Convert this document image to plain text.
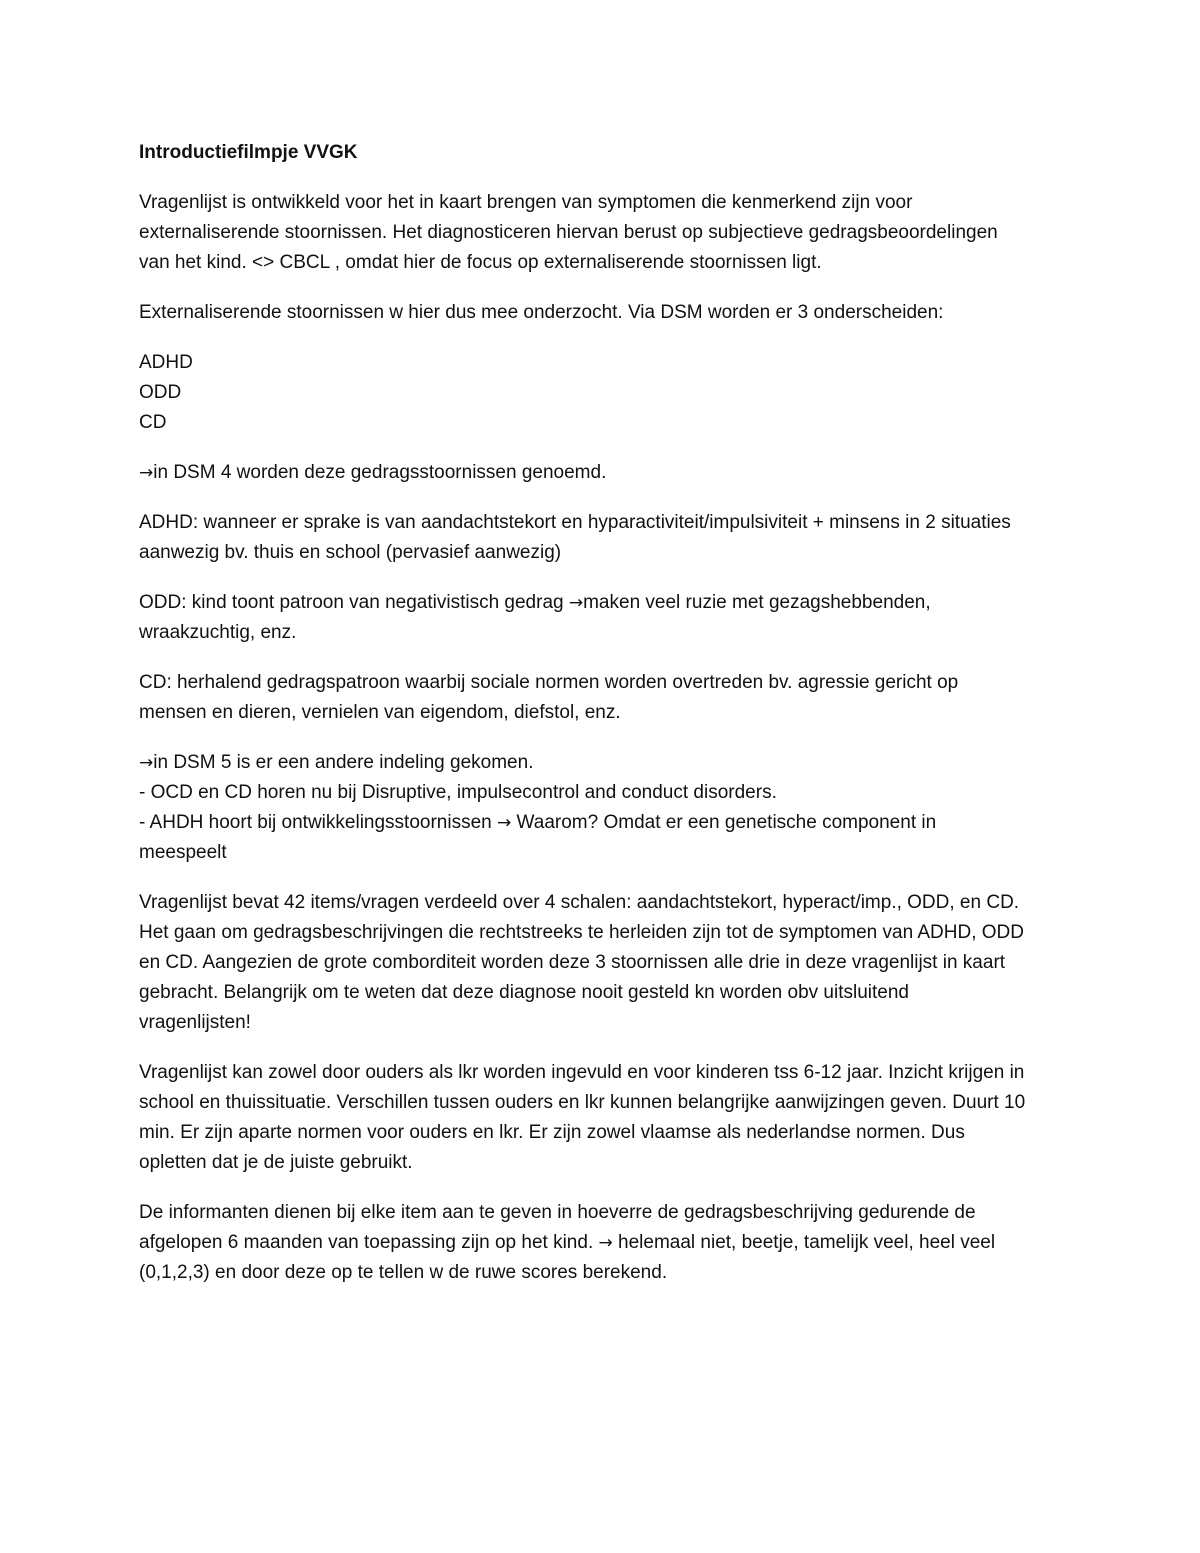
Introductiefilmpje VVGK
Vragenlijst is ontwikkeld voor het in kaart brengen van symptomen die kenmerkend zijn voor
externaliserende stoornissen. Het diagnosticeren hiervan berust op subjectieve gedragsbeoordelingen
van het kind. <> CBCL , omdat hier de focus op externaliserende stoornissen ligt.
Externaliserende stoornissen w hier dus mee onderzocht. Via DSM worden er 3 onderscheiden:
ADHD
ODD
CD
→in DSM 4 worden deze gedragsstoornissen genoemd.
ADHD: wanneer er sprake is van aandachtstekort en hyparactiviteit/impulsiviteit + minsens in 2 situaties
aanwezig bv. thuis en school (pervasief aanwezig)
ODD: kind toont patroon van negativistisch gedrag →maken veel ruzie met gezagshebbenden,
wraakzuchtig, enz.
CD: herhalend gedragspatroon waarbij sociale normen worden overtreden bv. agressie gericht op
mensen en dieren, vernielen van eigendom, diefstol, enz.
→in DSM 5 is er een andere indeling gekomen.
- OCD en CD horen nu bij Disruptive, impulsecontrol and conduct disorders.
- AHDH hoort bij ontwikkelingsstoornissen → Waarom? Omdat er een genetische component in
meespeelt
Vragenlijst bevat 42 items/vragen verdeeld over 4 schalen: aandachtstekort, hyperact/imp., ODD, en CD.
Het gaan om gedragsbeschrijvingen die rechtstreeks te herleiden zijn tot de symptomen van ADHD, ODD
en CD. Aangezien de grote comborditeit worden deze 3 stoornissen alle drie in deze vragenlijst in kaart
gebracht. Belangrijk om te weten dat deze diagnose nooit gesteld kn worden obv uitsluitend
vragenlijsten!
Vragenlijst kan zowel door ouders als lkr worden ingevuld en voor kinderen tss 6-12 jaar. Inzicht krijgen in
school en thuissituatie. Verschillen tussen ouders en lkr kunnen belangrijke aanwijzingen geven. Duurt 10
min. Er zijn aparte normen voor ouders en lkr. Er zijn zowel vlaamse als nederlandse normen. Dus
opletten dat je de juiste gebruikt.
De informanten dienen bij elke item aan te geven in hoeverre de gedragsbeschrijving gedurende de
afgelopen 6 maanden van toepassing zijn op het kind. → helemaal niet, beetje, tamelijk veel, heel veel
(0,1,2,3) en door deze op te tellen w de ruwe scores berekend.
